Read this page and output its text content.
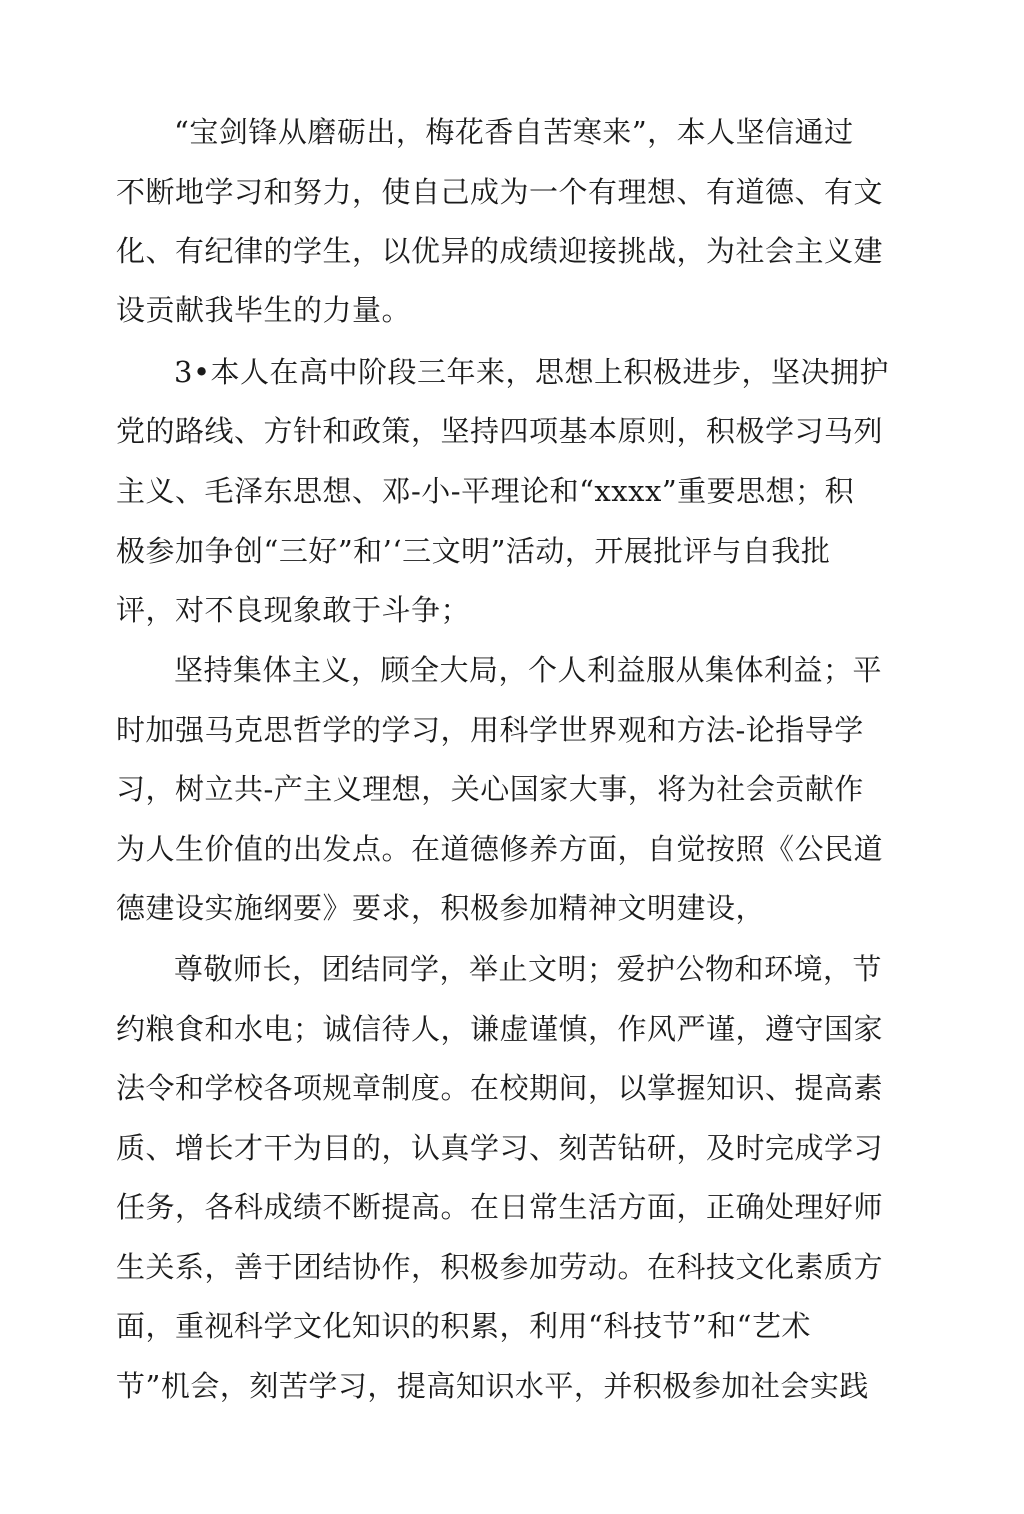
“宝剑锋从磨砺出，梅花香自苦寒来”，本人坚信通过
不断地学习和努力，使自己成为一个有理想、有道德、有文
化、有纪律的学生，以优异的成绩迎接挑战，为社会主义建
设贡献我毕生的力量。
3•本人在高中阶段三年来，思想上积极进步，坚决拥护
党的路线、方针和政策，坚持四项基本原则，积极学习马列
主义、毛泽东思想、邓-小-平理论和“xxxx”重要思想；积
极参加争创“三好”和’‘三文明”活动，开展批评与自我批
评，对不良现象敢于斗争；
坚持集体主义，顾全大局，个人利益服从集体利益；平
时加强马克思哲学的学习，用科学世界观和方法-论指导学
习，树立共-产主义理想，关心国家大事，将为社会贡献作
为人生价值的出发点。在道德修养方面，自觉按照《公民道
德建设实施纲要》要求，积极参加精神文明建设，
尊敬师长，团结同学，举止文明；爱护公物和环境，节
约粮食和水电；诚信待人，谦虚谨慎，作风严谨，遵守国家
法令和学校各项规章制度。在校期间，以掌握知识、提高素
质、增长才干为目的，认真学习、刻苦钻研，及时完成学习
任务，各科成绩不断提高。在日常生活方面，正确处理好师
生关系，善于团结协作，积极参加劳动。在科技文化素质方
面，重视科学文化知识的积累，利用“科技节”和“艺术
节”机会，刻苦学习，提高知识水平，并积极参加社会实践
